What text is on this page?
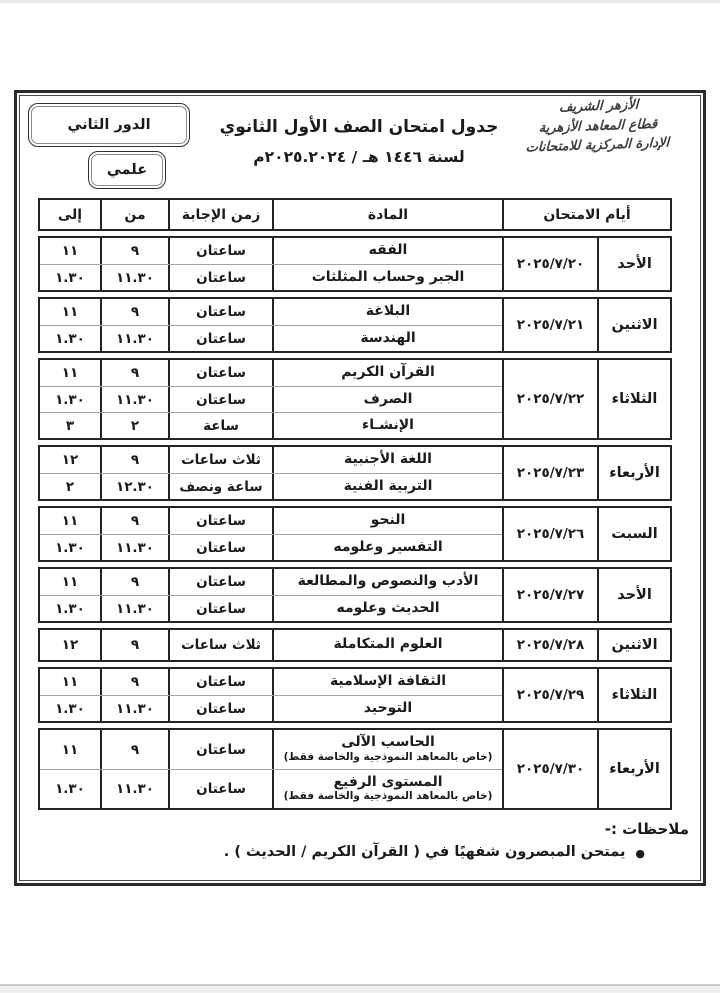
الأزهر الشريف
قطاع المعاهد الأزهرية
الإدارة المركزية للامتحانات
جدول امتحان الصف الأول الثانوي
لسنة ١٤٤٦ هـ / ٢٠٢٥.٢٠٢٤م
الدور الثاني
علمي
أيام الامتحان
المادة
زمن الإجابة
من
إلى
الأحد
٢٠٢٥/٧/٢٠
الفقه
ساعتان
٩
١١
الجبر وحساب المثلثات
ساعتان
١١.٣٠
١.٣٠
الاثنين
٢٠٢٥/٧/٢١
البلاغة
ساعتان
٩
١١
الهندسة
ساعتان
١١.٣٠
١.٣٠
الثلاثاء
٢٠٢٥/٧/٢٢
القرآن الكريم
ساعتان
٩
١١
الصرف
ساعتان
١١.٣٠
١.٣٠
الإنشـاء
ساعة
٢
٣
الأربعاء
٢٠٢٥/٧/٢٣
اللغة الأجنبية
ثلاث ساعات
٩
١٢
التربية الفنية
ساعة ونصف
١٢.٣٠
٢
السبت
٢٠٢٥/٧/٢٦
النحو
ساعتان
٩
١١
التفسير وعلومه
ساعتان
١١.٣٠
١.٣٠
الأحد
٢٠٢٥/٧/٢٧
الأدب والنصوص والمطالعة
ساعتان
٩
١١
الحديث وعلومه
ساعتان
١١.٣٠
١.٣٠
الاثنين
٢٠٢٥/٧/٢٨
العلوم المتكاملة
ثلاث ساعات
٩
١٢
الثلاثاء
٢٠٢٥/٧/٢٩
الثقافة الإسلامية
ساعتان
٩
١١
التوحيد
ساعتان
١١.٣٠
١.٣٠
الأربعاء
٢٠٢٥/٧/٣٠
الحاسب الآلى
(خاص بالمعاهد النموذجية والخاصة فقط)
ساعتان
٩
١١
المستوى الرفيع
(خاص بالمعاهد النموذجية والخاصة فقط)
ساعتان
١١.٣٠
١.٣٠
ملاحظات :-
●
يمتحن المبصرون شفهيًا في ( القرآن الكريم / الحديث ) .
